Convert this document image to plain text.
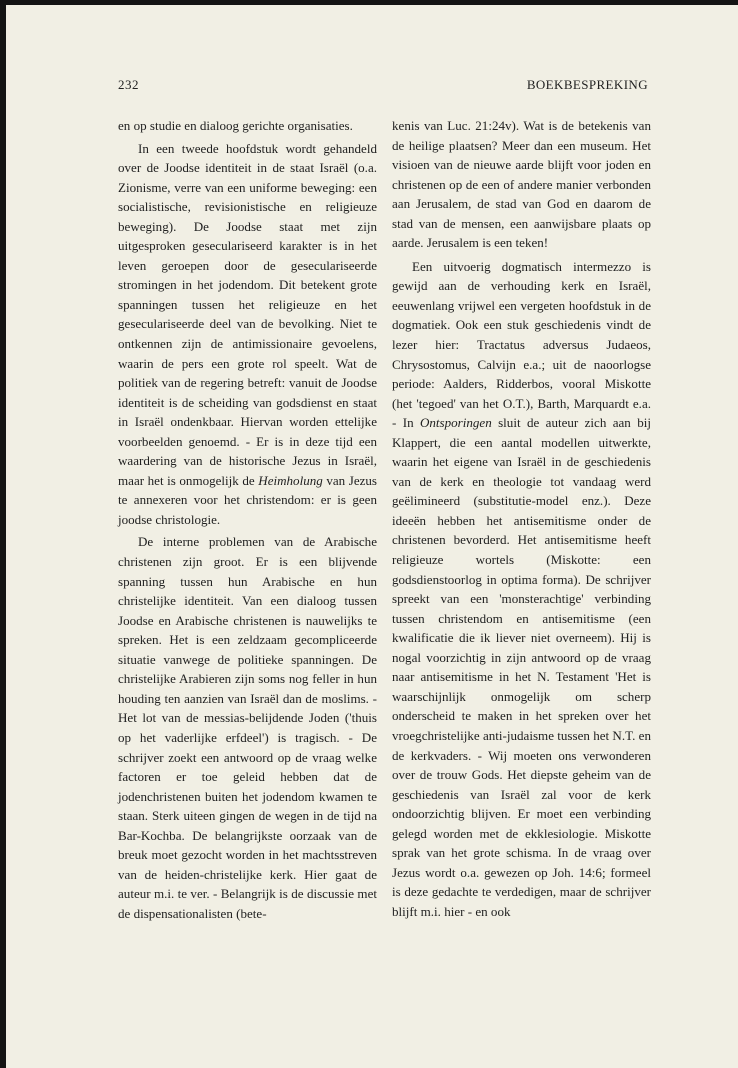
232	BOEKBESPREKING

en op studie en dialoog gerichte organisaties.

In een tweede hoofdstuk wordt gehandeld over de Joodse identiteit in de staat Israël (o.a. Zionisme, verre van een uniforme beweging: een socialistische, revisionistische en religieuze beweging). De Joodse staat met zijn uitgesproken geseculariseerd karakter is in het leven geroepen door de geseculariseerde stromingen in het jodendom. Dit betekent grote spanningen tussen het religieuze en het geseculariseerde deel van de bevolking. Niet te ontkennen zijn de antimissionaire gevoelens, waarin de pers een grote rol speelt. Wat de politiek van de regering betreft: vanuit de Joodse identiteit is de scheiding van godsdienst en staat in Israël ondenkbaar. Hiervan worden ettelijke voorbeelden genoemd. - Er is in deze tijd een waardering van de historische Jezus in Israël, maar het is onmogelijk de Heimholung van Jezus te annexeren voor het christendom: er is geen joodse christologie.

De interne problemen van de Arabische christenen zijn groot. Er is een blijvende spanning tussen hun Arabische en hun christelijke identiteit. Van een dialoog tussen Joodse en Arabische christenen is nauwelijks te spreken. Het is een zeldzaam gecompliceerde situatie vanwege de politieke spanningen. De christelijke Arabieren zijn soms nog feller in hun houding ten aanzien van Israël dan de moslims. - Het lot van de messias-belijdende Joden ('thuis op het vaderlijke erfdeel') is tragisch. - De schrijver zoekt een antwoord op de vraag welke factoren er toe geleid hebben dat de jodenchristenen buiten het jodendom kwamen te staan. Sterk uiteen gingen de wegen in de tijd na Bar-Kochba. De belangrijkste oorzaak van de breuk moet gezocht worden in het machtsstreven van de heiden-christelijke kerk. Hier gaat de auteur m.i. te ver. - Belangrijk is de discussie met de dispensationalisten (bete-

kenis van Luc. 21:24v). Wat is de betekenis van de heilige plaatsen? Meer dan een museum. Het visioen van de nieuwe aarde blijft voor joden en christenen op de een of andere manier verbonden aan Jerusalem, de stad van God en daarom de stad van de mensen, een aanwijsbare plaats op aarde. Jerusalem is een teken!

Een uitvoerig dogmatisch intermezzo is gewijd aan de verhouding kerk en Israël, eeuwenlang vrijwel een vergeten hoofdstuk in de dogmatiek. Ook een stuk geschiedenis vindt de lezer hier: Tractatus adversus Judaeos, Chrysostomus, Calvijn e.a.; uit de naoorlogse periode: Aalders, Ridderbos, vooral Miskotte (het 'tegoed' van het O.T.), Barth, Marquardt e.a. - In Ontsporingen sluit de auteur zich aan bij Klappert, die een aantal modellen uitwerkte, waarin het eigene van Israël in de geschiedenis van de kerk en theologie tot vandaag werd geëlimineerd (substitutie-model enz.). Deze ideeën hebben het antisemitisme onder de christenen bevorderd. Het antisemitisme heeft religieuze wortels (Miskotte: een godsdienstoorlog in optima forma). De schrijver spreekt van een 'monsterachtige' verbinding tussen christendom en antisemitisme (een kwalificatie die ik liever niet overneem). Hij is nogal voorzichtig in zijn antwoord op de vraag naar antisemitisme in het N. Testament 'Het is waarschijnlijk onmogelijk om scherp onderscheid te maken in het spreken over het vroegchristelijke anti-judaisme tussen het N.T. en de kerkvaders. - Wij moeten ons verwonderen over de trouw Gods. Het diepste geheim van de geschiedenis van Israël zal voor de kerk ondoorzichtig blijven. Er moet een verbinding gelegd worden met de ekklesiologie. Miskotte sprak van het grote schisma. In de vraag over Jezus wordt o.a. gewezen op Joh. 14:6; formeel is deze gedachte te verdedigen, maar de schrijver blijft m.i. hier - en ook
